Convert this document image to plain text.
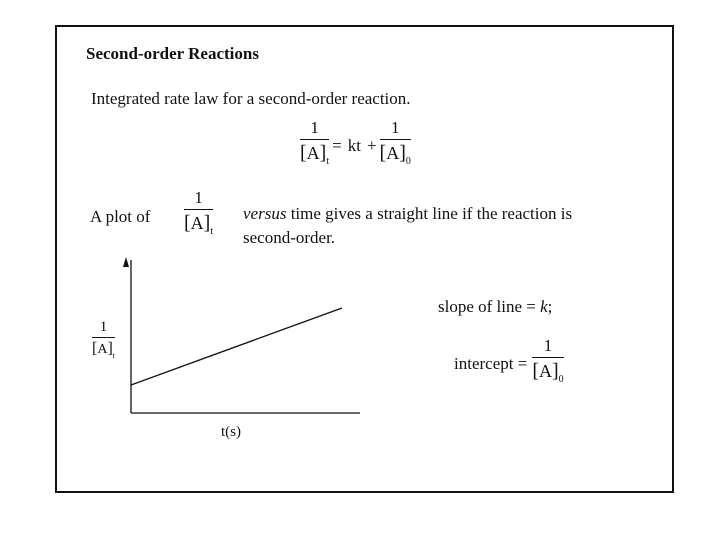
Second-order Reactions
Integrated rate law for a second-order reaction.
$\frac{1}{[A]_t}$ = kt + $\frac{1}{[A]_0}$
A plot of $\frac{1}{[A]_t}$ versus time gives a straight line if the reaction is
second-order.
$\frac{1}{[A]_t}$
t(s)
slope of line = k;
intercept = $\frac{1}{[A]_0}$
